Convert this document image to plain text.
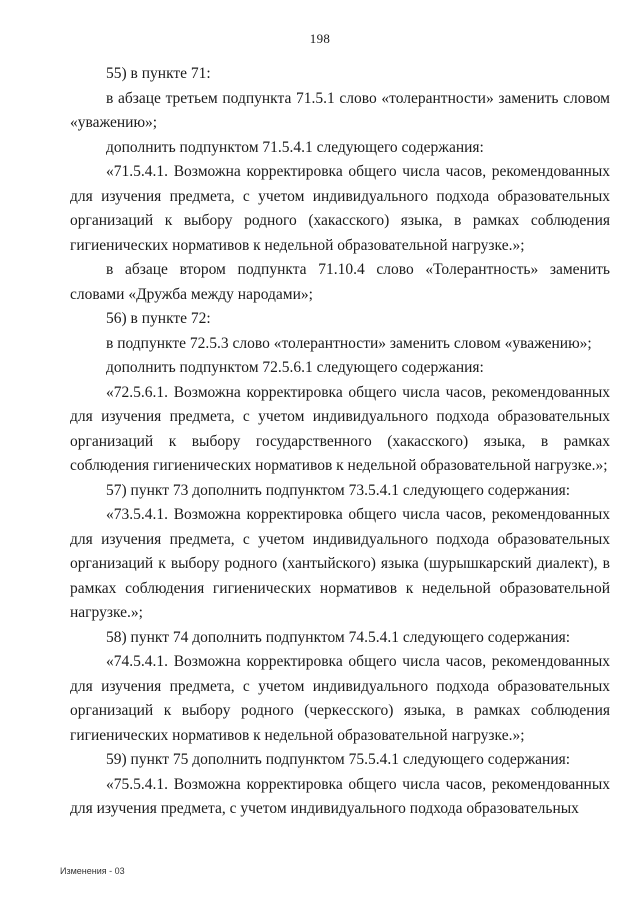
198

55) в пункте 71:

в абзаце третьем подпункта 71.5.1 слово «толерантности» заменить словом «уважению»;

дополнить подпунктом 71.5.4.1 следующего содержания:

«71.5.4.1. Возможна корректировка общего числа часов, рекомендованных для изучения предмета, с учетом индивидуального подхода образовательных организаций к выбору родного (хакасского) языка, в рамках соблюдения гигиенических нормативов к недельной образовательной нагрузке.»;

в абзаце втором подпункта 71.10.4 слово «Толерантность» заменить словами «Дружба между народами»;

56) в пункте 72:

в подпункте 72.5.3 слово «толерантности» заменить словом «уважению»;

дополнить подпунктом 72.5.6.1 следующего содержания:

«72.5.6.1. Возможна корректировка общего числа часов, рекомендованных для изучения предмета, с учетом индивидуального подхода образовательных организаций к выбору государственного (хакасского) языка, в рамках соблюдения гигиенических нормативов к недельной образовательной нагрузке.»;

57) пункт 73 дополнить подпунктом 73.5.4.1 следующего содержания:

«73.5.4.1. Возможна корректировка общего числа часов, рекомендованных для изучения предмета, с учетом индивидуального подхода образовательных организаций к выбору родного (хантыйского) языка (шурышкарский диалект), в рамках соблюдения гигиенических нормативов к недельной образовательной нагрузке.»;

58) пункт 74 дополнить подпунктом 74.5.4.1 следующего содержания:

«74.5.4.1. Возможна корректировка общего числа часов, рекомендованных для изучения предмета, с учетом индивидуального подхода образовательных организаций к выбору родного (черкесского) языка, в рамках соблюдения гигиенических нормативов к недельной образовательной нагрузке.»;

59) пункт 75 дополнить подпунктом 75.5.4.1 следующего содержания:

«75.5.4.1. Возможна корректировка общего числа часов, рекомендованных для изучения предмета, с учетом индивидуального подхода образовательных

Изменения - 03
